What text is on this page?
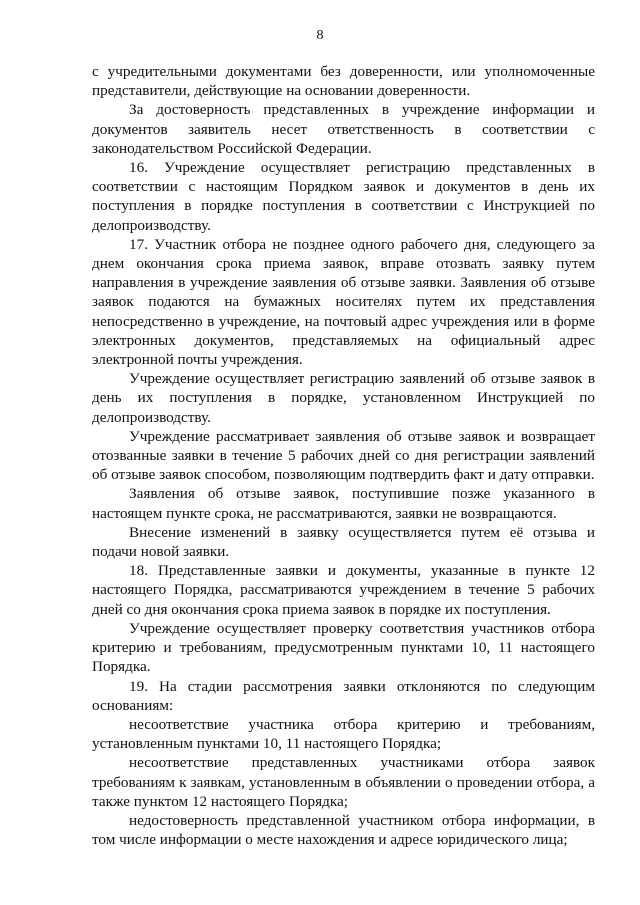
8

с учредительными документами без доверенности, или уполномоченные представители, действующие на основании доверенности.

За достоверность представленных в учреждение информации и документов заявитель несет ответственность в соответствии с законодательством Российской Федерации.

16. Учреждение осуществляет регистрацию представленных в соответствии с настоящим Порядком заявок и документов в день их поступления в порядке поступления в соответствии с Инструкцией по делопроизводству.

17. Участник отбора не позднее одного рабочего дня, следующего за днем окончания срока приема заявок, вправе отозвать заявку путем направления в учреждение заявления об отзыве заявки. Заявления об отзыве заявок подаются на бумажных носителях путем их представления непосредственно в учреждение, на почтовый адрес учреждения или в форме электронных документов, представляемых на официальный адрес электронной почты учреждения.

Учреждение осуществляет регистрацию заявлений об отзыве заявок в день их поступления в порядке, установленном Инструкцией по делопроизводству.

Учреждение рассматривает заявления об отзыве заявок и возвращает отозванные заявки в течение 5 рабочих дней со дня регистрации заявлений об отзыве заявок способом, позволяющим подтвердить факт и дату отправки.

Заявления об отзыве заявок, поступившие позже указанного в настоящем пункте срока, не рассматриваются, заявки не возвращаются.

Внесение изменений в заявку осуществляется путем её отзыва и подачи новой заявки.

18. Представленные заявки и документы, указанные в пункте 12 настоящего Порядка, рассматриваются учреждением в течение 5 рабочих дней со дня окончания срока приема заявок в порядке их поступления.

Учреждение осуществляет проверку соответствия участников отбора критерию и требованиям, предусмотренным пунктами 10, 11 настоящего Порядка.

19. На стадии рассмотрения заявки отклоняются по следующим основаниям:

несоответствие участника отбора критерию и требованиям, установленным пунктами 10, 11 настоящего Порядка;

несоответствие представленных участниками отбора заявок требованиям к заявкам, установленным в объявлении о проведении отбора, а также пунктом 12 настоящего Порядка;

недостоверность представленной участником отбора информации, в том числе информации о месте нахождения и адресе юридического лица;
